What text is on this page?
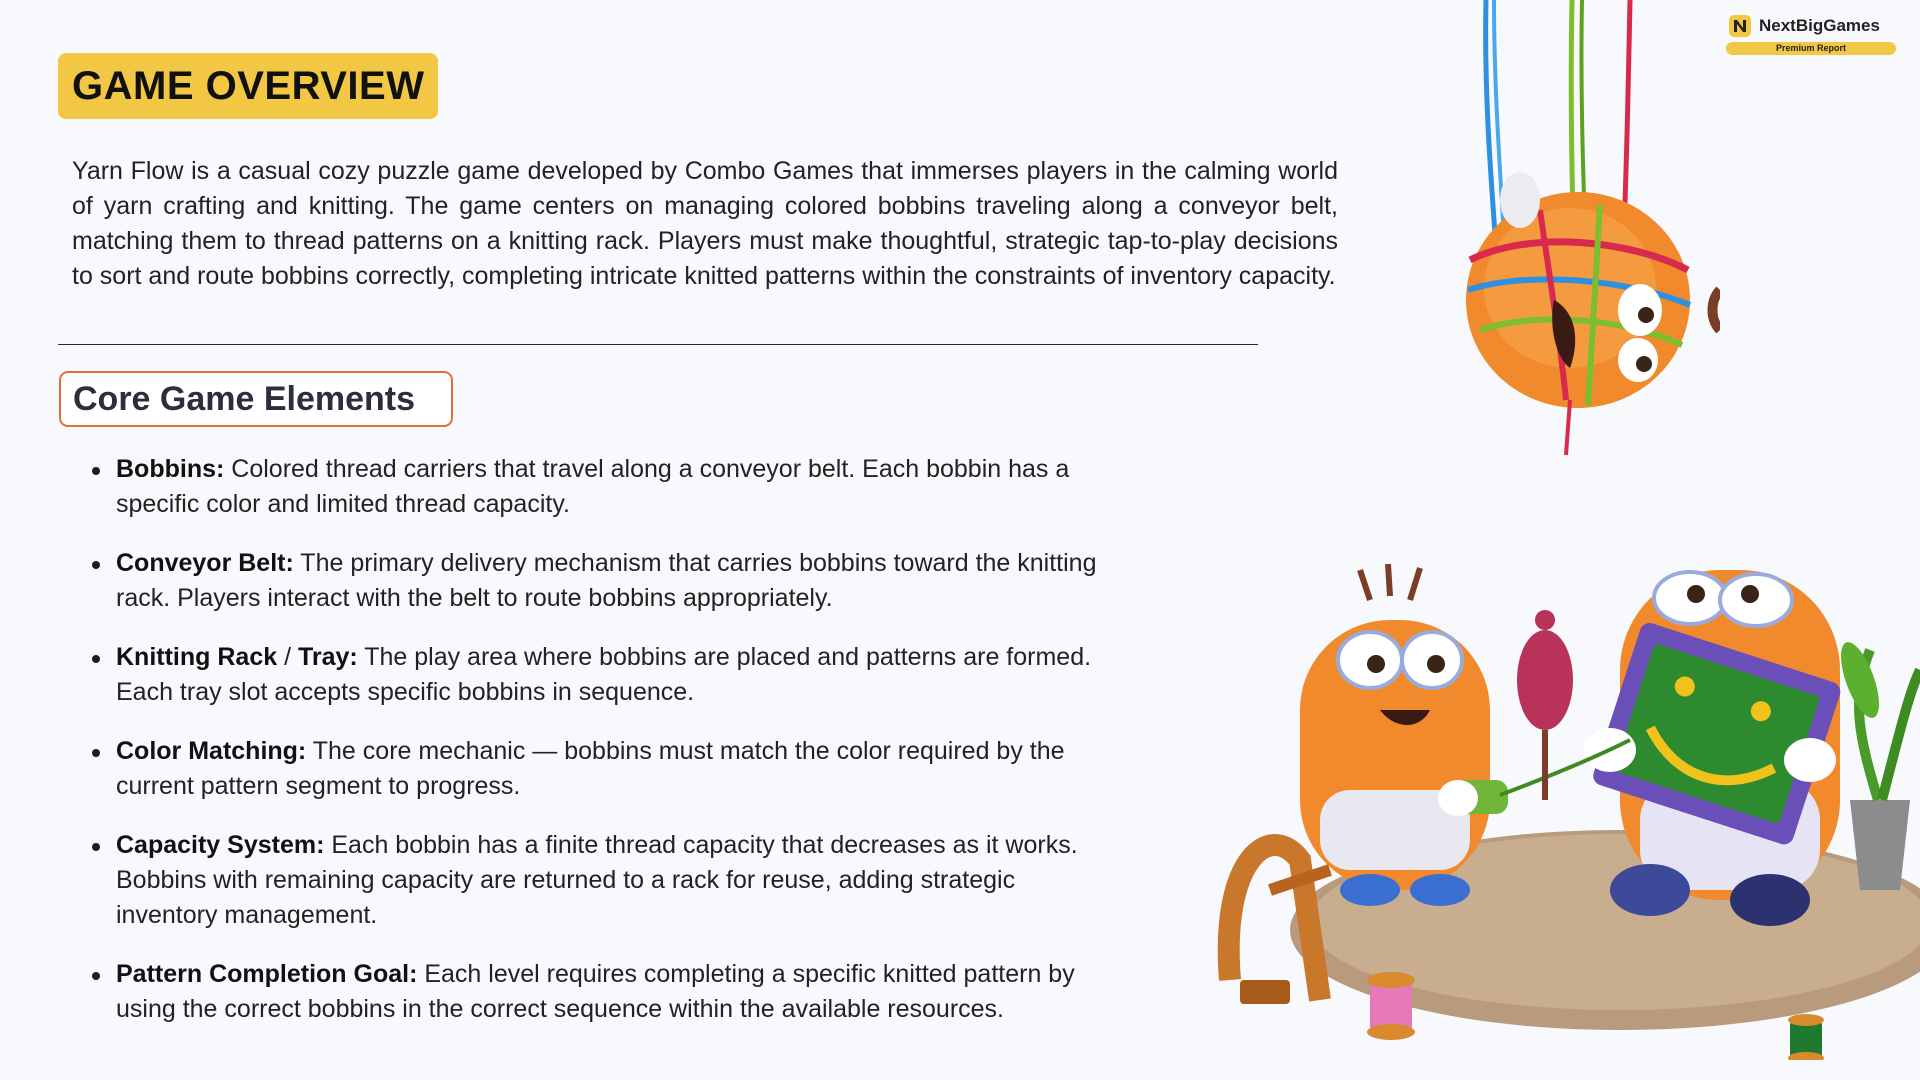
GAME OVERVIEW

Yarn Flow is a casual cozy puzzle game developed by Combo Games that immerses players in the calming world of yarn crafting and knitting. The game centers on managing colored bobbins traveling along a conveyor belt, matching them to thread patterns on a knitting rack. Players must make thoughtful, strategic tap-to-play decisions to sort and route bobbins correctly, completing intricate knitted patterns within the constraints of inventory capacity.

Core Game Elements
Bobbins: Colored thread carriers that travel along a conveyor belt. Each bobbin has a specific color and limited thread capacity.
Conveyor Belt: The primary delivery mechanism that carries bobbins toward the knitting rack. Players interact with the belt to route bobbins appropriately.
Knitting Rack / Tray: The play area where bobbins are placed and patterns are formed. Each tray slot accepts specific bobbins in sequence.
Color Matching: The core mechanic — bobbins must match the color required by the current pattern segment to progress.
Capacity System: Each bobbin has a finite thread capacity that decreases as it works. Bobbins with remaining capacity are returned to a rack for reuse, adding strategic inventory management.
Pattern Completion Goal: Each level requires completing a specific knitted pattern by using the correct bobbins in the correct sequence within the available resources.
NextBigGames
Premium Report
